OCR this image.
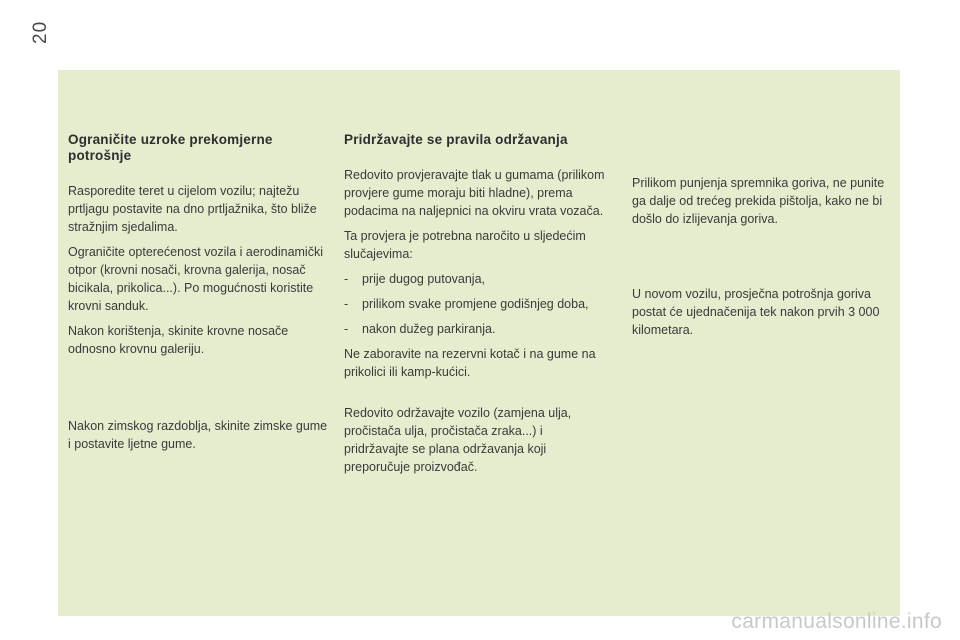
20
Ograničite uzroke prekomjerne potrošnje

Rasporedite teret u cijelom vozilu; najtežu prtljagu postavite na dno prtljažnika, što bliže stražnjim sjedalima.

Ograničite opterećenost vozila i aerodinamički otpor (krovni nosači, krovna galerija, nosač bicikala, prikolica...). Po mogućnosti koristite krovni sanduk.

Nakon korištenja, skinite krovne nosače odnosno krovnu galeriju.

Nakon zimskog razdoblja, skinite zimske gume i postavite ljetne gume.

Pridržavajte se pravila održavanja

Redovito provjeravajte tlak u gumama (prilikom provjere gume moraju biti hladne), prema podacima na naljepnici na okviru vrata vozača.

Ta provjera je potrebna naročito u sljedećim slučajevima:

-	prije dugog putovanja,
-	prilikom svake promjene godišnjeg doba,
-	nakon dužeg parkiranja.

Ne zaboravite na rezervni kotač i na gume na prikolici ili kamp-kućici.

Redovito održavajte vozilo (zamjena ulja, pročistača ulja, pročistača zraka...) i pridržavajte se plana održavanja koji preporučuje proizvođač.

Prilikom punjenja spremnika goriva, ne punite ga dalje od trećeg prekida pištolja, kako ne bi došlo do izlijevanja goriva.

U novom vozilu, prosječna potrošnja goriva postat će ujednačenija tek nakon prvih 3 000 kilometara.

carmanualsonline.info
